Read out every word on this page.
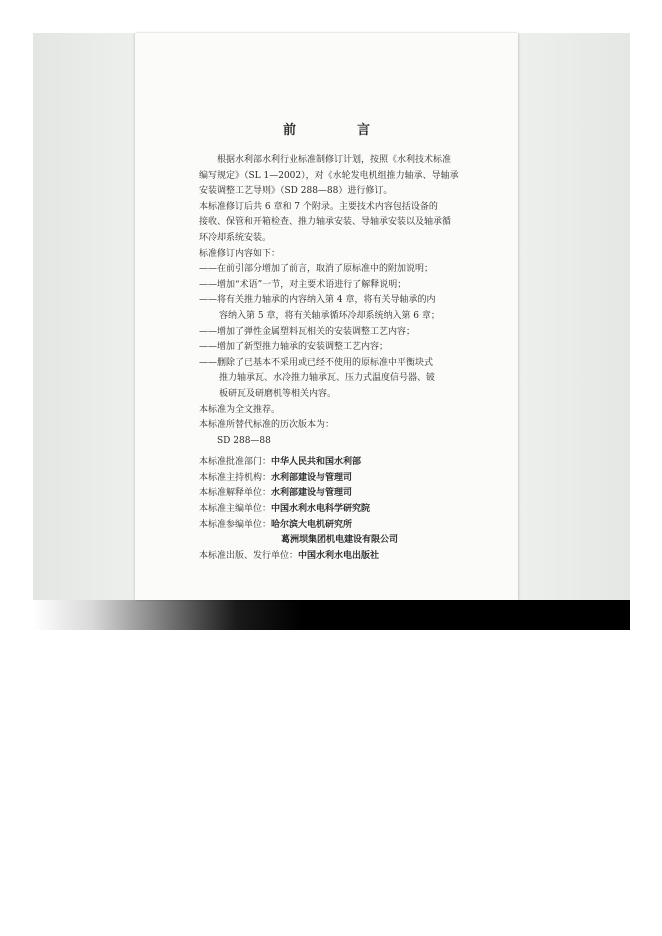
前　言
根据水利部水利行业标准制修订计划，按照《水利技术标准
编写规定》（SL 1—2002），对《水轮发电机组推力轴承、导轴承
安装调整工艺导则》（SD 288—88）进行修订。
本标准修订后共 6 章和 7 个附录。主要技术内容包括设备的
接收、保管和开箱检查、推力轴承安装、导轴承安装以及轴承循
环冷却系统安装。
标准修订内容如下：
——在前引部分增加了前言，取消了原标准中的附加说明；
——增加“术语”一节，对主要术语进行了解释说明；
——将有关推力轴承的内容纳入第 4 章，将有关导轴承的内
容纳入第 5 章，将有关轴承循环冷却系统纳入第 6 章；
——增加了弹性金属塑料瓦相关的安装调整工艺内容；
——增加了新型推力轴承的安装调整工艺内容；
——删除了已基本不采用或已经不使用的原标准中平衡块式
推力轴承瓦、水冷推力轴承瓦、压力式温度信号器、铍
板研瓦及研磨机等相关内容。
本标准为全文推荐。
本标准所替代标准的历次版本为：
SD 288—88
本标准批准部门：中华人民共和国水利部
本标准主持机构：水利部建设与管理司
本标准解释单位：水利部建设与管理司
本标准主编单位：中国水利水电科学研究院
本标准参编单位：哈尔滨大电机研究所
葛洲坝集团机电建设有限公司
本标准出版、发行单位：中国水利水电出版社
